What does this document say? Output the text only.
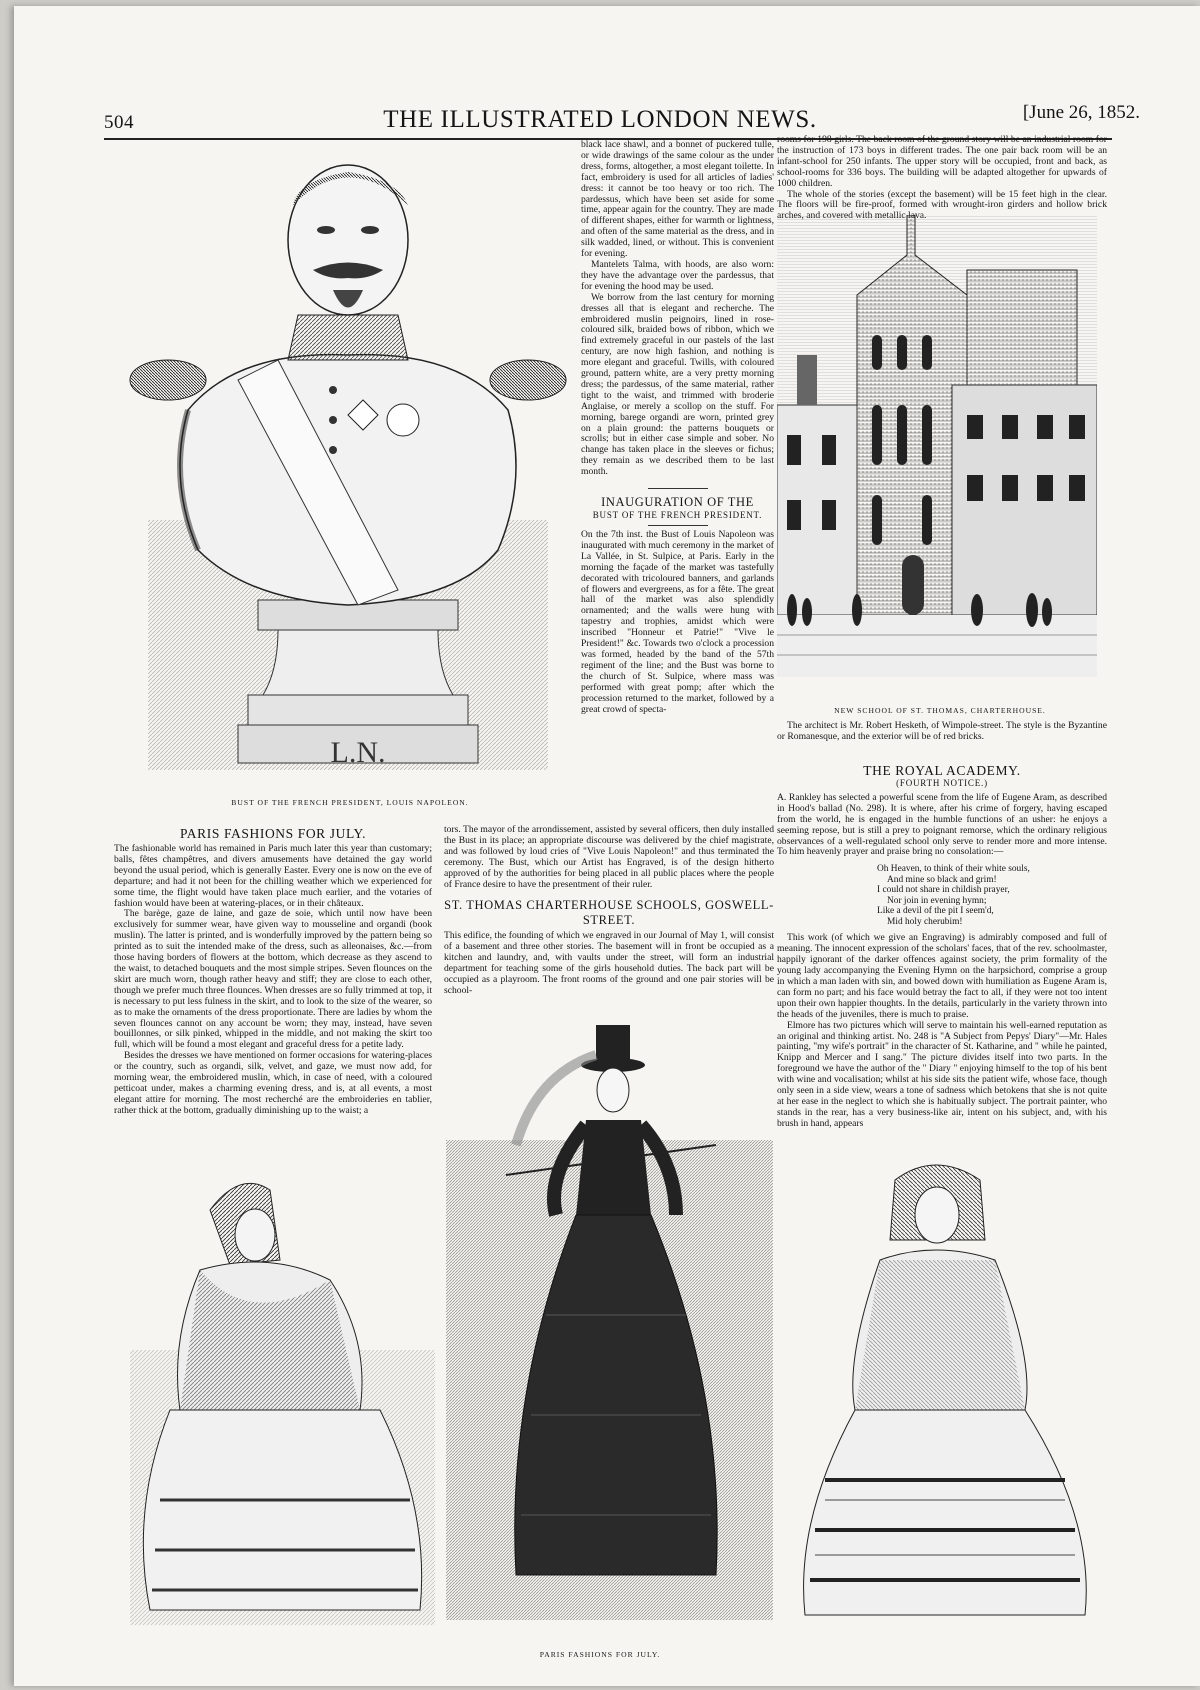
504	THE ILLUSTRATED LONDON NEWS.	[June 26, 1852.
L.N.
BUST OF THE FRENCH PRESIDENT, LOUIS NAPOLEON.

black lace shawl, and a bonnet of puckered tulle, or wide drawings of the same colour as the under dress, forms, altogether, a most elegant toilette. In fact, embroidery is used for all articles of ladies' dress: it cannot be too heavy or too rich. The pardessus, which have been set aside for some time, appear again for the country. They are made of different shapes, either for warmth or lightness, and often of the same material as the dress, and in silk wadded, lined, or without. This is convenient for evening.

Mantelets Talma, with hoods, are also worn: they have the advantage over the pardessus, that for evening the hood may be used.

We borrow from the last century for morning dresses all that is elegant and recherche. The embroidered muslin peignoirs, lined in rose-coloured silk, braided bows of ribbon, which we find extremely graceful in our pastels of the last century, are now high fashion, and nothing is more elegant and graceful. Twills, with coloured ground, pattern white, are a very pretty morning dress; the pardessus, of the same material, rather tight to the waist, and trimmed with broderie Anglaise, or merely a scollop on the stuff. For morning, barege organdi are worn, printed grey on a plain ground: the patterns bouquets or scrolls; but in either case simple and sober. No change has taken place in the sleeves or fichus; they remain as we described them to be last month.

INAUGURATION OF THE
BUST OF THE FRENCH PRESIDENT.

On the 7th inst. the Bust of Louis Napoleon was inaugurated with much ceremony in the market of La Vallée, in St. Sulpice, at Paris. Early in the morning the façade of the market was tastefully decorated with tricoloured banners, and garlands of flowers and evergreens, as for a fête. The great hall of the market was also splendidly ornamented; and the walls were hung with tapestry and trophies, amidst which were inscribed "Honneur et Patrie!" "Vive le President!" &c. Towards two o'clock a procession was formed, headed by the band of the 57th regiment of the line; and the Bust was borne to the church of St. Sulpice, where mass was performed with great pomp; after which the procession returned to the market, followed by a great crowd of specta-

rooms for 198 girls. The back room of the ground story will be an industrial room for the instruction of 173 boys in different trades. The one pair back room will be an infant-school for 250 infants. The upper story will be occupied, front and back, as school-rooms for 336 boys. The building will be adapted altogether for upwards of 1000 children.

The whole of the stories (except the basement) will be 15 feet high in the clear. The floors will be fire-proof, formed with wrought-iron girders and hollow brick

NEW SCHOOL OF ST. THOMAS, CHARTERHOUSE.

The architect is Mr. Robert Hesketh, of Wimpole-street. The style is the Byzantine or Romanesque, and the exterior will be of red bricks.

THE ROYAL ACADEMY.
(FOURTH NOTICE.)

A. Rankley has selected a powerful scene from the life of Eugene Aram, as described in Hood's ballad (No. 298). It is where, after his crime of forgery, having escaped from the world, he is engaged in the humble functions of an usher: he enjoys a seeming repose, but is still a prey to poignant remorse, which the ordinary religious observances of a well-regulated school only serve to render more and more intense. To him heavenly prayer and praise bring no consolation:—

Oh Heaven, to think of their white souls,
And mine so black and grim!
I could not share in childish prayer,
Nor join in evening hymn;
Like a devil of the pit I seem'd,
Mid holy cherubim!

This work (of which we give an Engraving) is admirably composed and full of meaning. The innocent expression of the scholars' faces, that of the rev. schoolmaster, happily ignorant of the darker offences against society, the prim formality of the young lady accompanying the Evening Hymn on the harpsichord, comprise a group in which a man laden with sin, and bowed down with humiliation as Eugene Aram is, can form no part; and his face would betray the fact to all, if they were not too intent upon their own happier thoughts. In the details, particularly in the variety thrown into the heads of the juveniles, there is much to praise.

Elmore has two pictures which will serve to maintain his well-earned reputation as an original and thinking artist. No. 248 is "A Subject from Pepys' Diary"—Mr. Hales painting, "my wife's portrait" in the character of St. Katharine, and " while he painted, Knipp and Mercer and I sang." The picture divides itself into two parts. In the foreground we have the author of the " Diary " enjoying himself to the top of his bent with wine and vocalisation; whilst at his side sits the patient wife, whose face, though only seen in a side view, wears a tone of sadness which betokens that she is not quite at her ease in the neglect to which she is habitually subject. The portrait painter, who stands in the rear, has a very business-like air, intent on his subject, and, with his brush in hand, appears

PARIS FASHIONS FOR JULY.

The fashionable world has remained in Paris much later this year than customary; balls, fêtes champêtres, and divers amusements have detained the gay world beyond the usual period, which is generally Easter. Every one is now on the eve of departure; and had it not been for the chilling weather which we experienced for some time, the flight would have taken place much earlier, and the votaries of fashion would have been at watering-places, or in their châteaux.

The barège, gaze de laine, and gaze de soie, which until now have been exclusively for summer wear, have given way to mousseline and organdi (book muslin). The latter is printed, and is wonderfully improved by the pattern being so printed as to suit the intended make of the dress, such as alleonaises, &c.—from those having borders of flowers at the bottom, which decrease as they ascend to the waist, to detached bouquets and the most simple stripes. Seven flounces on the skirt are much worn, though rather heavy and stiff; they are close to each other, though we prefer much three flounces. When dresses are so fully trimmed at top, it is necessary to put less fulness in the skirt, and to look to the size of the wearer, so as to make the ornaments of the dress proportionate. There are ladies by whom the seven flounces cannot on any account be worn; they may, instead, have seven bouillonnes, or silk pinked, whipped in the middle, and not making the skirt too full, which will be found a most elegant and graceful dress for a petite lady.

Besides the dresses we have mentioned on former occasions for watering-places or the country, such as organdi, silk, velvet, and gaze, we must now add, for morning wear, the embroidered muslin, which, in case of need, with a coloured petticoat under, makes a charming evening dress, and is, at all events, a most elegant attire for morning. The most recherché are the embroideries en tablier, rather thick at the bottom, gradually diminishing up to the waist; a

tors. The mayor of the arrondissement, assisted by several officers, then duly installed the Bust in its place; an appropriate discourse was delivered by the chief magistrate, and was followed by loud cries of "Vive Louis Napoleon!" and thus terminated the ceremony. The Bust, which our Artist has Engraved, is of the design hitherto approved of by the authorities for being placed in all public places where the people of France desire to have the presentment of their ruler.

ST. THOMAS CHARTERHOUSE SCHOOLS, GOSWELL-
STREET.

This edifice, the founding of which we engraved in our Journal of May 1, will consist of a basement and three other stories. The basement will in front be occupied as a kitchen and laundry, and, with vaults under the street, will form an industrial department for teaching some of the girls household duties. The back part will be occupied as a playroom. The front rooms of the ground and one pair stories will be school-

PARIS FASHIONS FOR JULY.
